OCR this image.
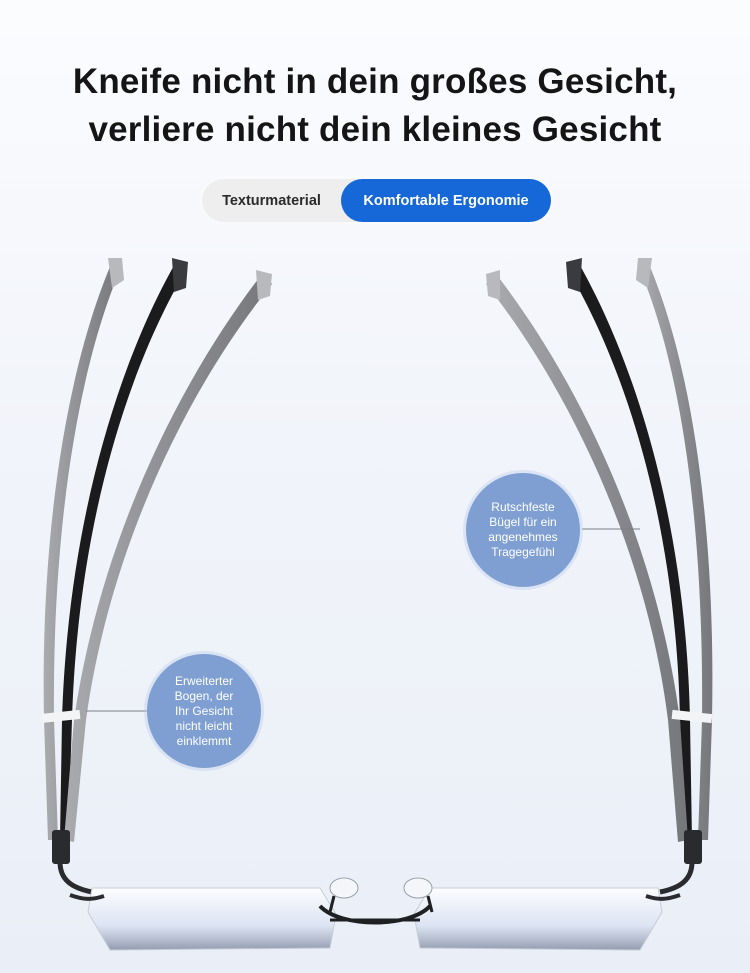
Kneife nicht in dein großes Gesicht,
verliere nicht dein kleines Gesicht
Texturmaterial	Komfortable Ergonomie
Rutschfeste
Bügel für ein
angenehmes
Tragegefühl
Erweiterter
Bogen, der
Ihr Gesicht
nicht leicht
einklemmt
